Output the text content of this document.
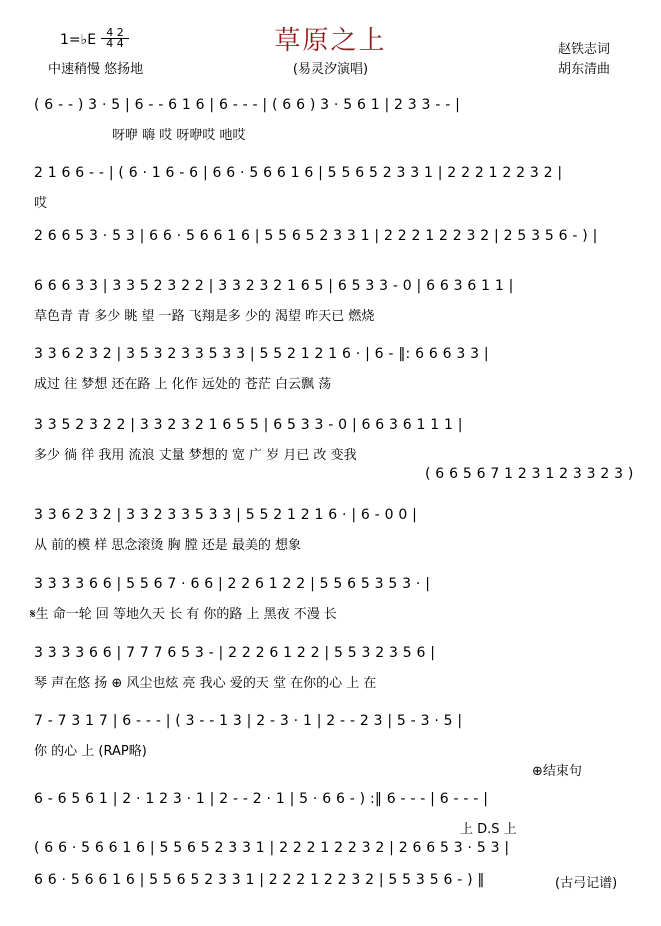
草原之上
1=♭E 4 2
4 4
中速稍慢 悠扬地	(易灵汐演唱)
赵铁志词
胡东清曲
( 6 - - ) 3 · 5 | 6 - - 6 1 6 | 6 - - - | ( 6 6 ) 3 · 5 6 1 | 2 3 3 - - |
呀咿 嗨 哎 呀咿哎 吔哎
2 1 6 6 - - | ( 6 · 1 6 - 6 | 6 6 · 5 6 6 1 6 | 5 5 6 5 2 3 3 1 | 2 2 2 1 2 2 3 2 |
哎
2 6 6 5 3 · 5 3 | 6 6 · 5 6 6 1 6 | 5 5 6 5 2 3 3 1 | 2 2 2 1 2 2 3 2 | 2 5 3 5 6 - ) |
6 6 6 3 3 | 3 3 5 2 3 2 2 | 3 3 2 3 2 1 6 5 | 6 5 3 3 - 0 | 6 6 3 6 1 1 |
草色青 青 多少 眺 望 一路 飞翔是多 少的 渴望 昨天已 燃烧
3 3 6 2 3 2 | 3 5 3 2 3 3 5 3 3 | 5 5 2 1 2 1 6 · | 6 - ‖: 6 6 6 3 3 |
成过 往 梦想 还在路 上 化作 远处的 苍茫 白云飘 荡
3 3 5 2 3 2 2 | 3 3 2 3 2 1 6 5 5 | 6 5 3 3 - 0 | 6 6 3 6 1 1 1 |
多少 徜 徉 我用 流浪 丈量 梦想的 宽 广 岁 月已 改 变我
( 6 6 5 6 7 1 2 3 1 2 3 3 2 3 )
3 3 6 2 3 2 | 3 3 2 3 3 5 3 3 | 5 5 2 1 2 1 6 · | 6 - 0 0 |
从 前的模 样 思念滚烫 胸 膛 还是 最美的 想象
3 3 3 3 6 6 | 5 5 6 7 · 6 6 | 2 2 6 1 2 2 | 5 5 6 5 3 5 3 · |
𝄋生 命一轮 回 等地久天 长 有 你的路 上 黑夜 不漫 长
3 3 3 3 6 6 | 7 7 7 6 5 3 - | 2 2 2 6 1 2 2 | 5 5 3 2 3 5 6 |
琴 声在悠 扬 ⊕ 风尘也炫 亮 我心 爱的天 堂 在你的心 上 在
7 - 7 3 1 7 | 6 - - - | ( 3 - - 1 3 | 2 - 3 · 1 | 2 - - 2 3 | 5 - 3 · 5 |
你 的心 上 (RAP略)
⊕结束句
6 - 6 5 6 1 | 2 · 1 2 3 · 1 | 2 - - 2 · 1 | 5 · 6 6 - ) :‖ 6 - - - | 6 - - - |
上 D.S 上
( 6 6 · 5 6 6 1 6 | 5 5 6 5 2 3 3 1 | 2 2 2 1 2 2 3 2 | 2 6 6 5 3 · 5 3 |
6 6 · 5 6 6 1 6 | 5 5 6 5 2 3 3 1 | 2 2 2 1 2 2 3 2 | 5 5 3 5 6 - ) ‖	(古弓记谱)
